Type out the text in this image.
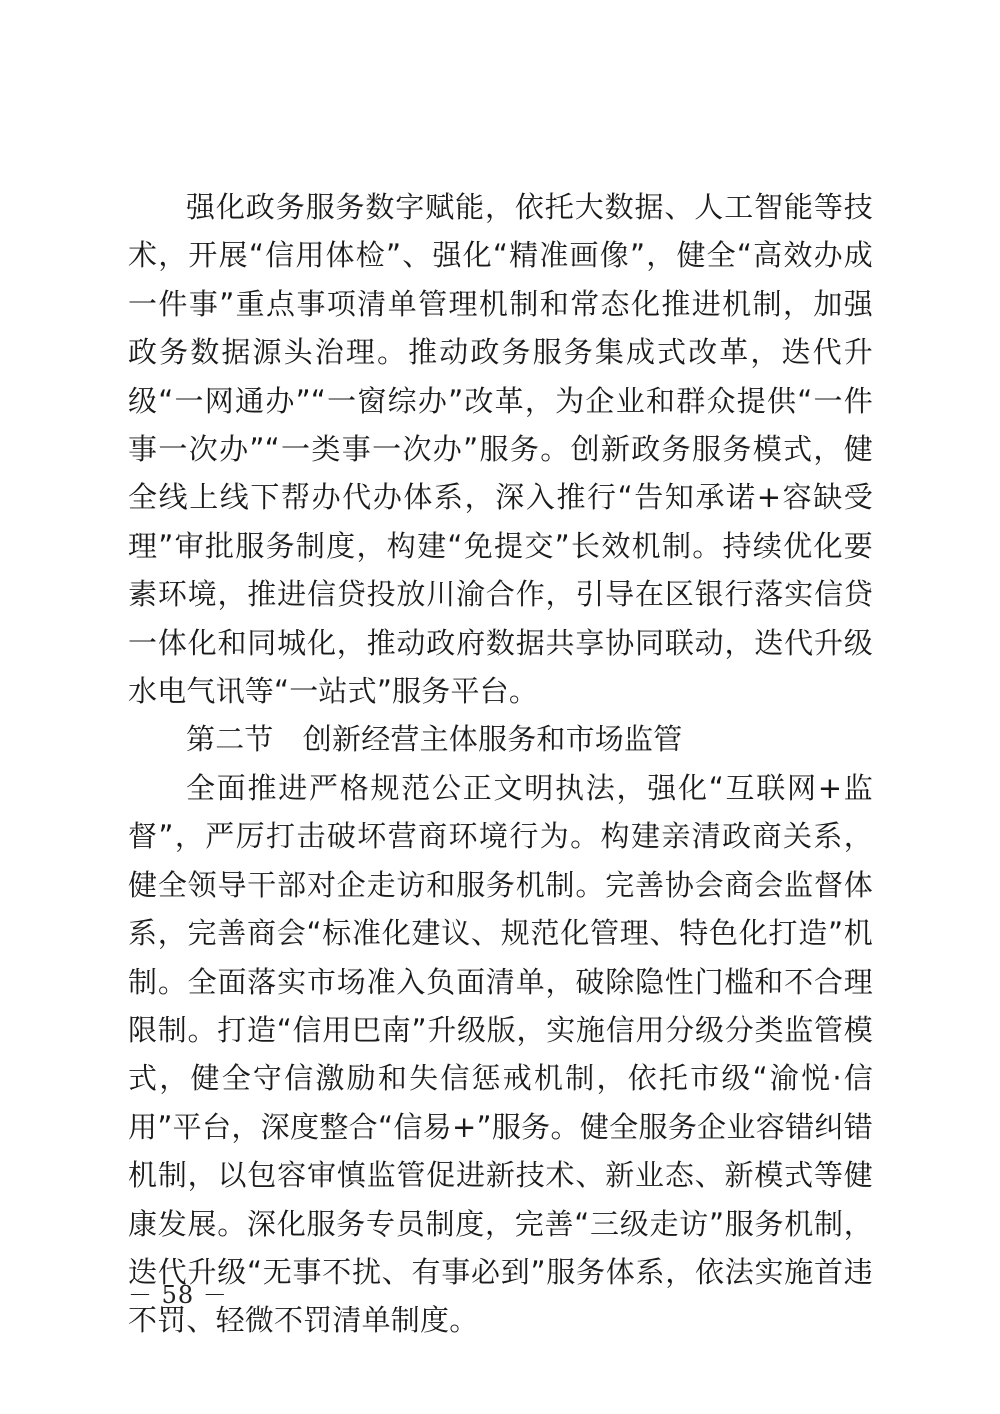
强化政务服务数字赋能，依托大数据、人工智能等技术，开展“信用体检”、强化“精准画像”，健全“高效办成一件事”重点事项清单管理机制和常态化推进机制，加强政务数据源头治理。推动政务服务集成式改革，迭代升级“一网通办”“一窗综办”改革，为企业和群众提供“一件事一次办”“一类事一次办”服务。创新政务服务模式，健全线上线下帮办代办体系，深入推行“告知承诺+容缺受理”审批服务制度，构建“免提交”长效机制。持续优化要素环境，推进信贷投放川渝合作，引导在区银行落实信贷一体化和同城化，推动政府数据共享协同联动，迭代升级水电气讯等“一站式”服务平台。

第二节　创新经营主体服务和市场监管

全面推进严格规范公正文明执法，强化“互联网+监督”，严厉打击破坏营商环境行为。构建亲清政商关系，健全领导干部对企走访和服务机制。完善协会商会监督体系，完善商会“标准化建议、规范化管理、特色化打造”机制。全面落实市场准入负面清单，破除隐性门槛和不合理限制。打造“信用巴南”升级版，实施信用分级分类监管模式，健全守信激励和失信惩戒机制，依托市级“渝悦·信用”平台，深度整合“信易+”服务。健全服务企业容错纠错机制，以包容审慎监管促进新技术、新业态、新模式等健康发展。深化服务专员制度，完善“三级走访”服务机制，迭代升级“无事不扰、有事必到”服务体系，依法实施首违不罚、轻微不罚清单制度。

－ 58 －
